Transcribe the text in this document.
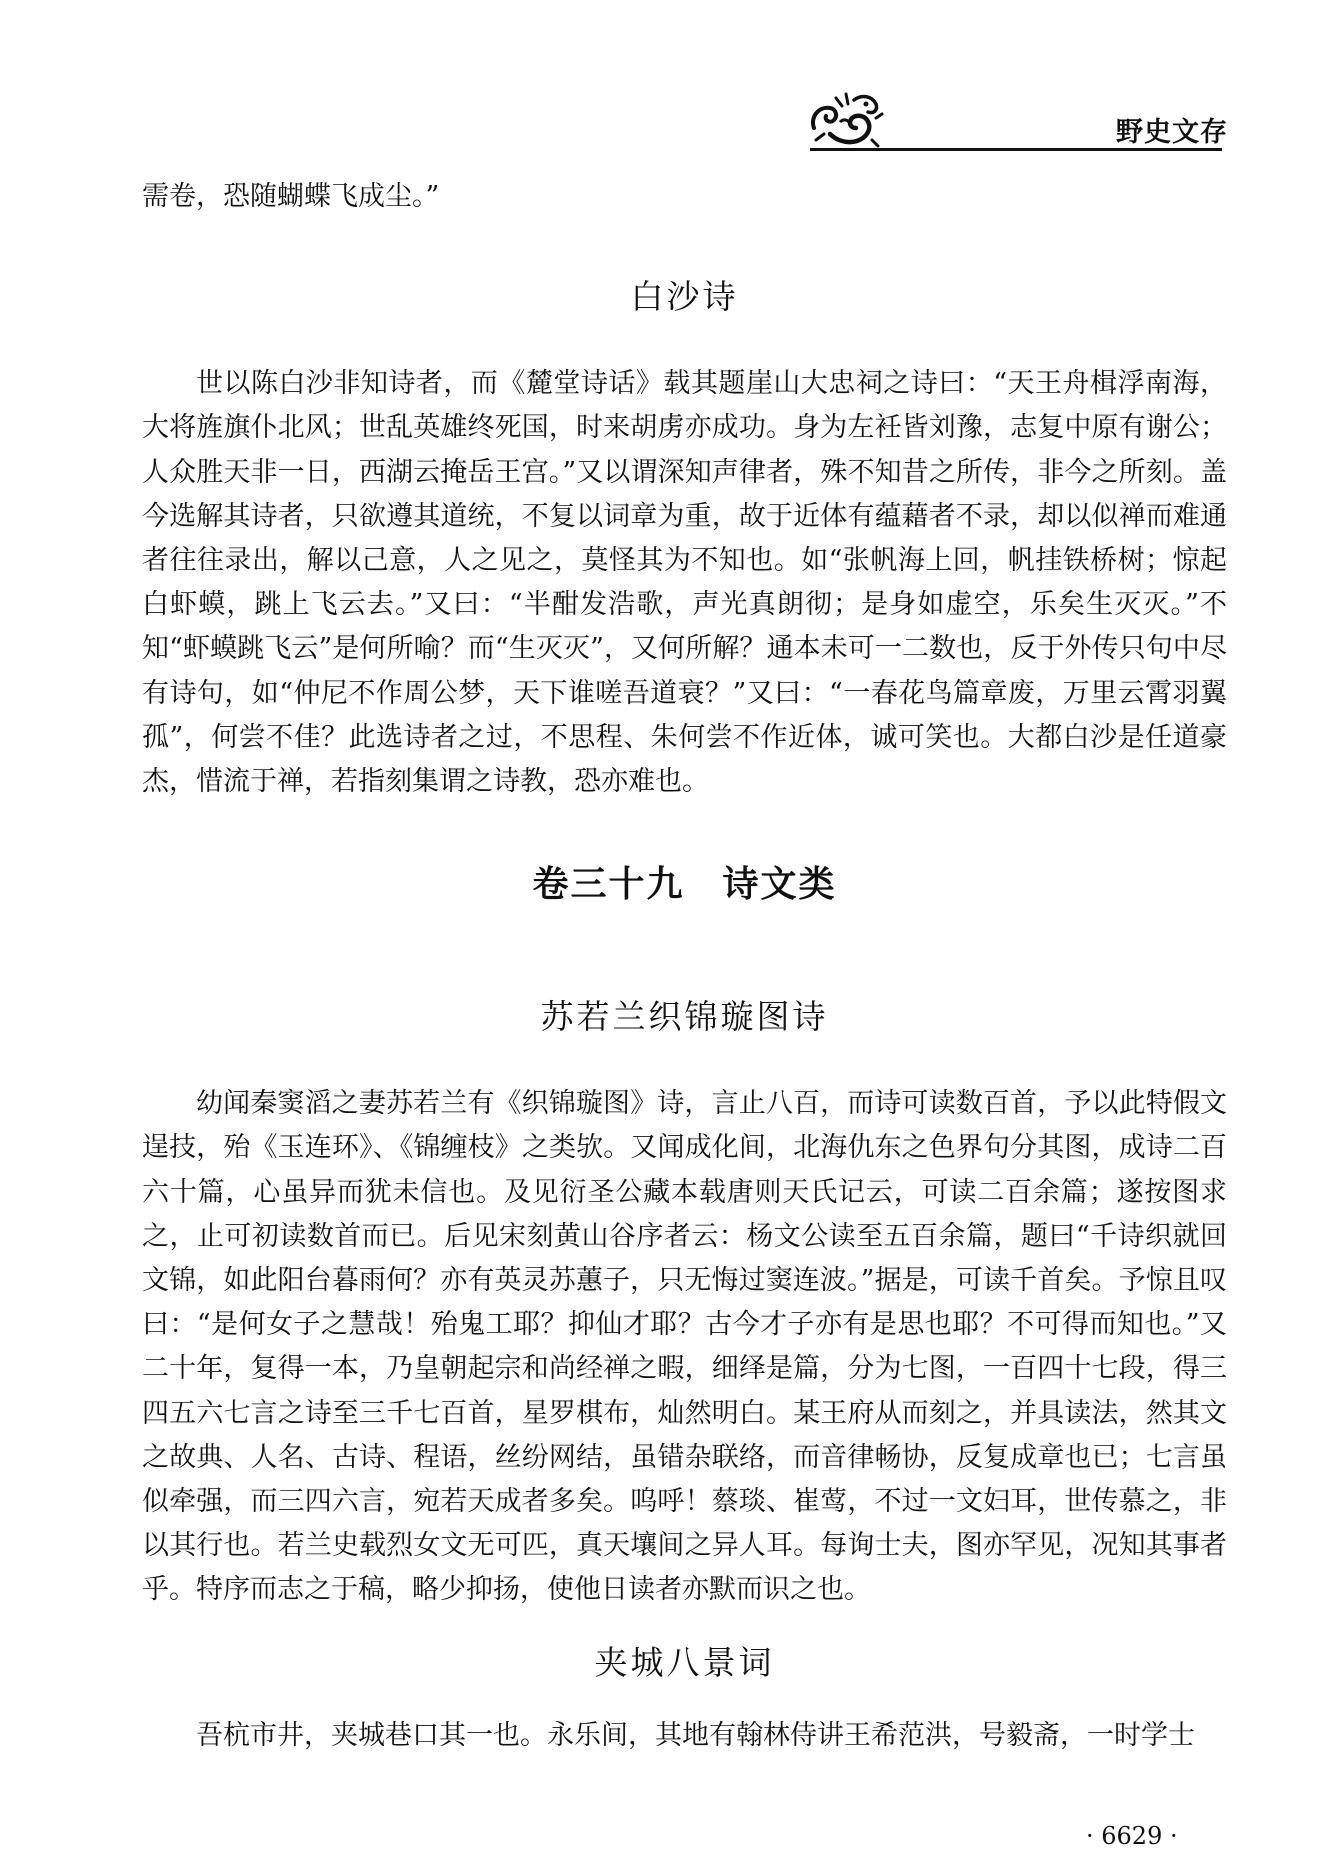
野史文存

需卷，恐随蝴蝶飞成尘。”

白沙诗

世以陈白沙非知诗者，而《麓堂诗话》载其题崖山大忠祠之诗曰：“天王舟楫浮南海，大将旌旗仆北风；世乱英雄终死国，时来胡虏亦成功。身为左衽皆刘豫，志复中原有谢公；人众胜天非一日，西湖云掩岳王宫。”又以谓深知声律者，殊不知昔之所传，非今之所刻。盖今选解其诗者，只欲遵其道统，不复以词章为重，故于近体有蕴藉者不录，却以似禅而难通者往往录出，解以己意，人之见之，莫怪其为不知也。如“张帆海上回，帆挂铁桥树；惊起白虾蟆，跳上飞云去。”又曰：“半酣发浩歌，声光真朗彻；是身如虚空，乐矣生灭灭。”不知“虾蟆跳飞云”是何所喻？而“生灭灭”，又何所解？通本未可一二数也，反于外传只句中尽有诗句，如“仲尼不作周公梦，天下谁嗟吾道衰？”又曰：“一春花鸟篇章废，万里云霄羽翼孤”，何尝不佳？此选诗者之过，不思程、朱何尝不作近体，诚可笑也。大都白沙是任道豪杰，惜流于禅，若指刻集谓之诗教，恐亦难也。

卷三十九　诗文类
苏若兰织锦璇图诗

幼闻秦窦滔之妻苏若兰有《织锦璇图》诗，言止八百，而诗可读数百首，予以此特假文逞技，殆《玉连环》、《锦缠枝》之类欤。又闻成化间，北海仇东之色界句分其图，成诗二百六十篇，心虽异而犹未信也。及见衍圣公藏本载唐则天氏记云，可读二百余篇；遂按图求之，止可初读数首而已。后见宋刻黄山谷序者云：杨文公读至五百余篇，题曰“千诗织就回文锦，如此阳台暮雨何？亦有英灵苏蕙子，只无悔过窦连波。”据是，可读千首矣。予惊且叹曰：“是何女子之慧哉！殆鬼工耶？抑仙才耶？古今才子亦有是思也耶？不可得而知也。”又二十年，复得一本，乃皇朝起宗和尚经禅之暇，细绎是篇，分为七图，一百四十七段，得三四五六七言之诗至三千七百首，星罗棋布，灿然明白。某王府从而刻之，并具读法，然其文之故典、人名、古诗、程语，丝纷网结，虽错杂联络，而音律畅协，反复成章也已；七言虽似牵强，而三四六言，宛若天成者多矣。呜呼！蔡琰、崔莺，不过一文妇耳，世传慕之，非以其行也。若兰史载烈女文无可匹，真天壤间之异人耳。每询士夫，图亦罕见，况知其事者乎。特序而志之于稿，略少抑扬，使他日读者亦默而识之也。

夹城八景词

吾杭市井，夹城巷口其一也。永乐间，其地有翰林侍讲王希范洪，号毅斋，一时学士

· 6629 ·
